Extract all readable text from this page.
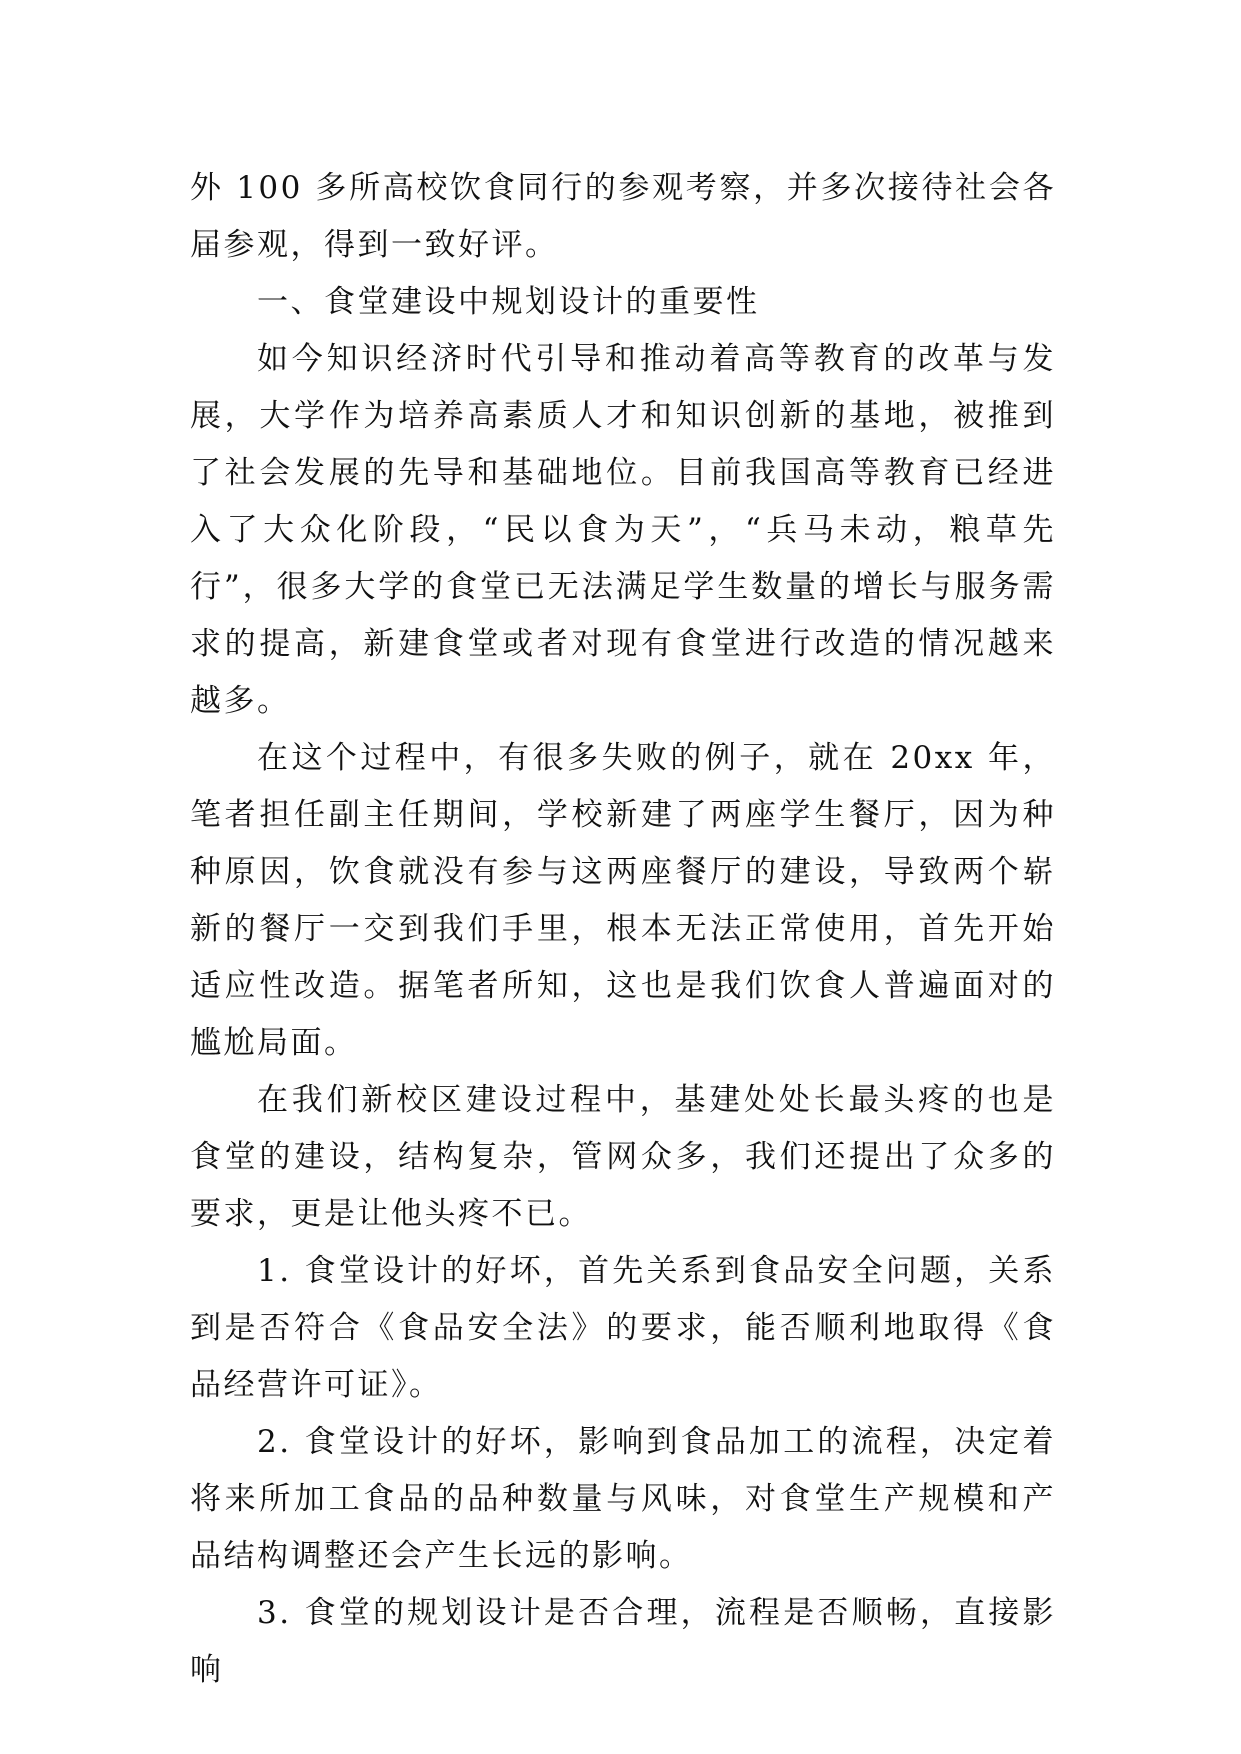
外 100 多所高校饮食同行的参观考察，并多次接待社会各届参观，得到一致好评。

一、食堂建设中规划设计的重要性

如今知识经济时代引导和推动着高等教育的改革与发展，大学作为培养高素质人才和知识创新的基地，被推到了社会发展的先导和基础地位。目前我国高等教育已经进入了大众化阶段，“民以食为天”，“兵马未动，粮草先行”，很多大学的食堂已无法满足学生数量的增长与服务需求的提高，新建食堂或者对现有食堂进行改造的情况越来越多。

在这个过程中，有很多失败的例子，就在 20xx 年，笔者担任副主任期间，学校新建了两座学生餐厅，因为种种原因，饮食就没有参与这两座餐厅的建设，导致两个崭新的餐厅一交到我们手里，根本无法正常使用，首先开始适应性改造。据笔者所知，这也是我们饮食人普遍面对的尴尬局面。

在我们新校区建设过程中，基建处处长最头疼的也是食堂的建设，结构复杂，管网众多，我们还提出了众多的要求，更是让他头疼不已。

1. 食堂设计的好坏，首先关系到食品安全问题，关系到是否符合《食品安全法》的要求，能否顺利地取得《食品经营许可证》。

2. 食堂设计的好坏，影响到食品加工的流程，决定着将来所加工食品的品种数量与风味，对食堂生产规模和产品结构调整还会产生长远的影响。

3. 食堂的规划设计是否合理，流程是否顺畅，直接影响
